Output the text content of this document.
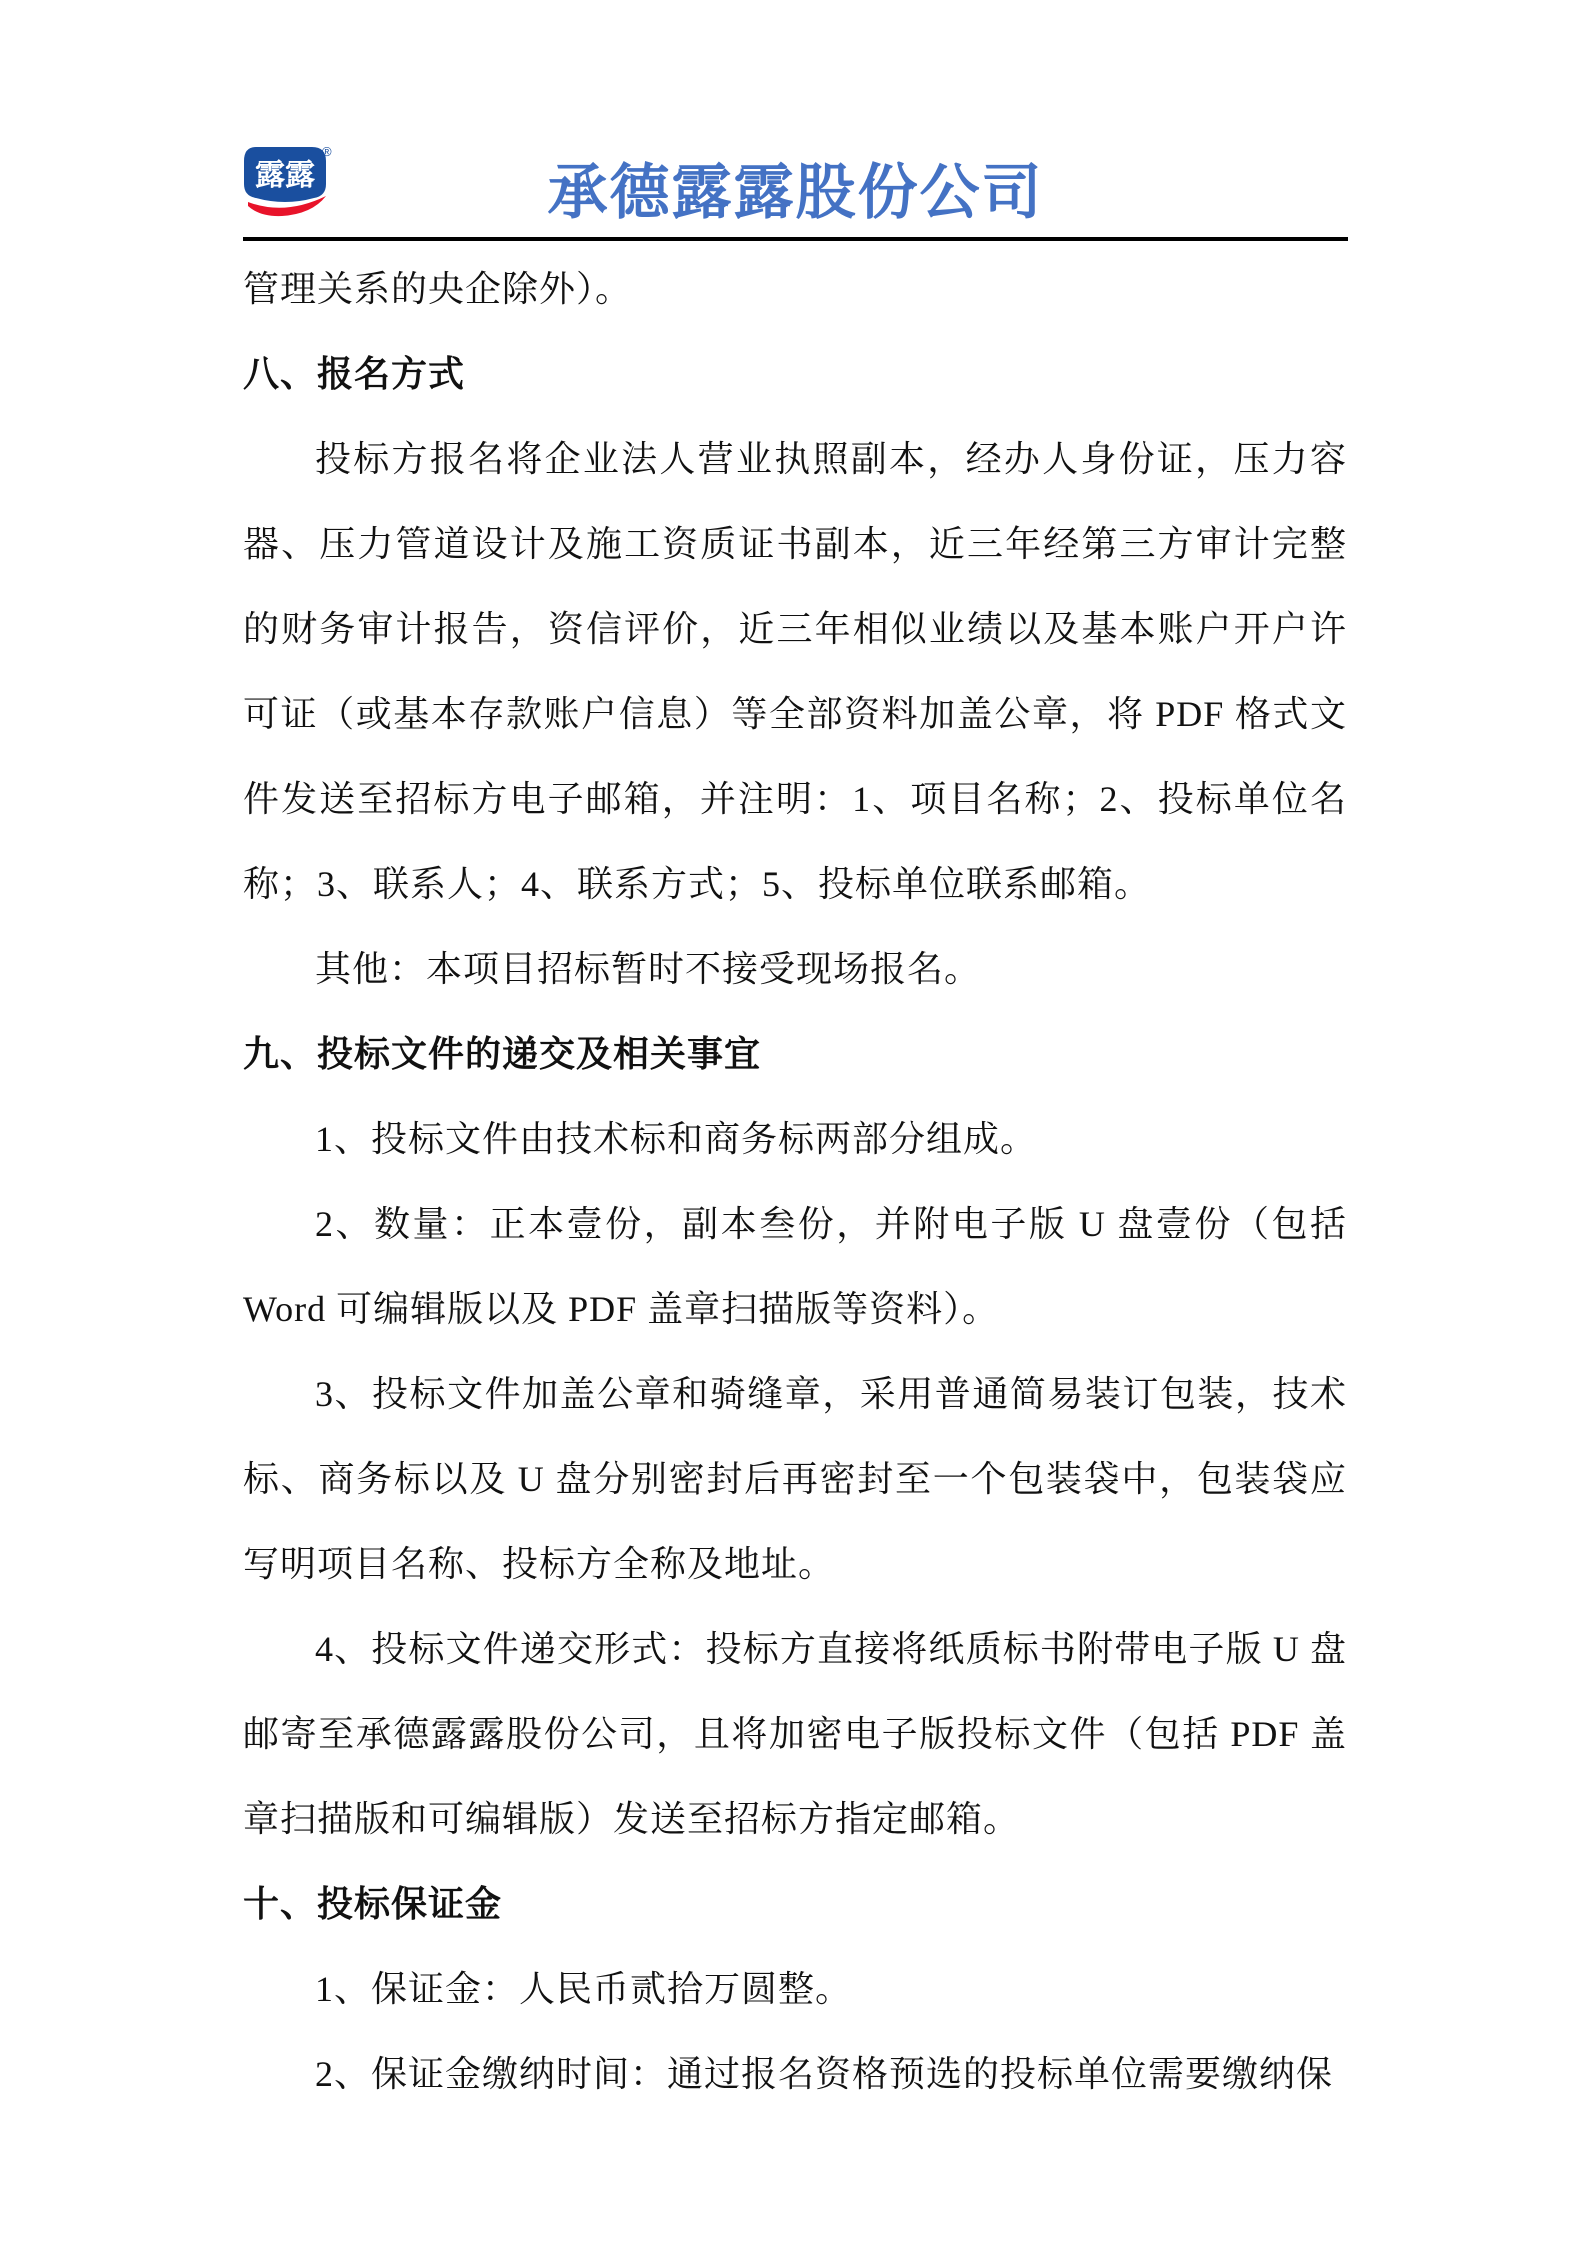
露露
®
承德露露股份公司
管理关系的央企除外）。
八、报名方式
投标方报名将企业法人营业执照副本，经办人身份证，压力容器、压力管道设计及施工资质证书副本，近三年经第三方审计完整的财务审计报告，资信评价，近三年相似业绩以及基本账户开户许可证（或基本存款账户信息）等全部资料加盖公章，将 PDF 格式文件发送至招标方电子邮箱，并注明：1、项目名称；2、投标单位名称；3、联系人；4、联系方式；5、投标单位联系邮箱。
其他：本项目招标暂时不接受现场报名。
九、投标文件的递交及相关事宜
1、投标文件由技术标和商务标两部分组成。
2、数量：正本壹份，副本叁份，并附电子版 U 盘壹份（包括 Word 可编辑版以及 PDF 盖章扫描版等资料）。
3、投标文件加盖公章和骑缝章，采用普通简易装订包装，技术标、商务标以及 U 盘分别密封后再密封至一个包装袋中，包装袋应写明项目名称、投标方全称及地址。
4、投标文件递交形式：投标方直接将纸质标书附带电子版 U 盘邮寄至承德露露股份公司，且将加密电子版投标文件（包括 PDF 盖章扫描版和可编辑版）发送至招标方指定邮箱。
十、投标保证金
1、保证金：人民币贰拾万圆整。
2、保证金缴纳时间：通过报名资格预选的投标单位需要缴纳保
